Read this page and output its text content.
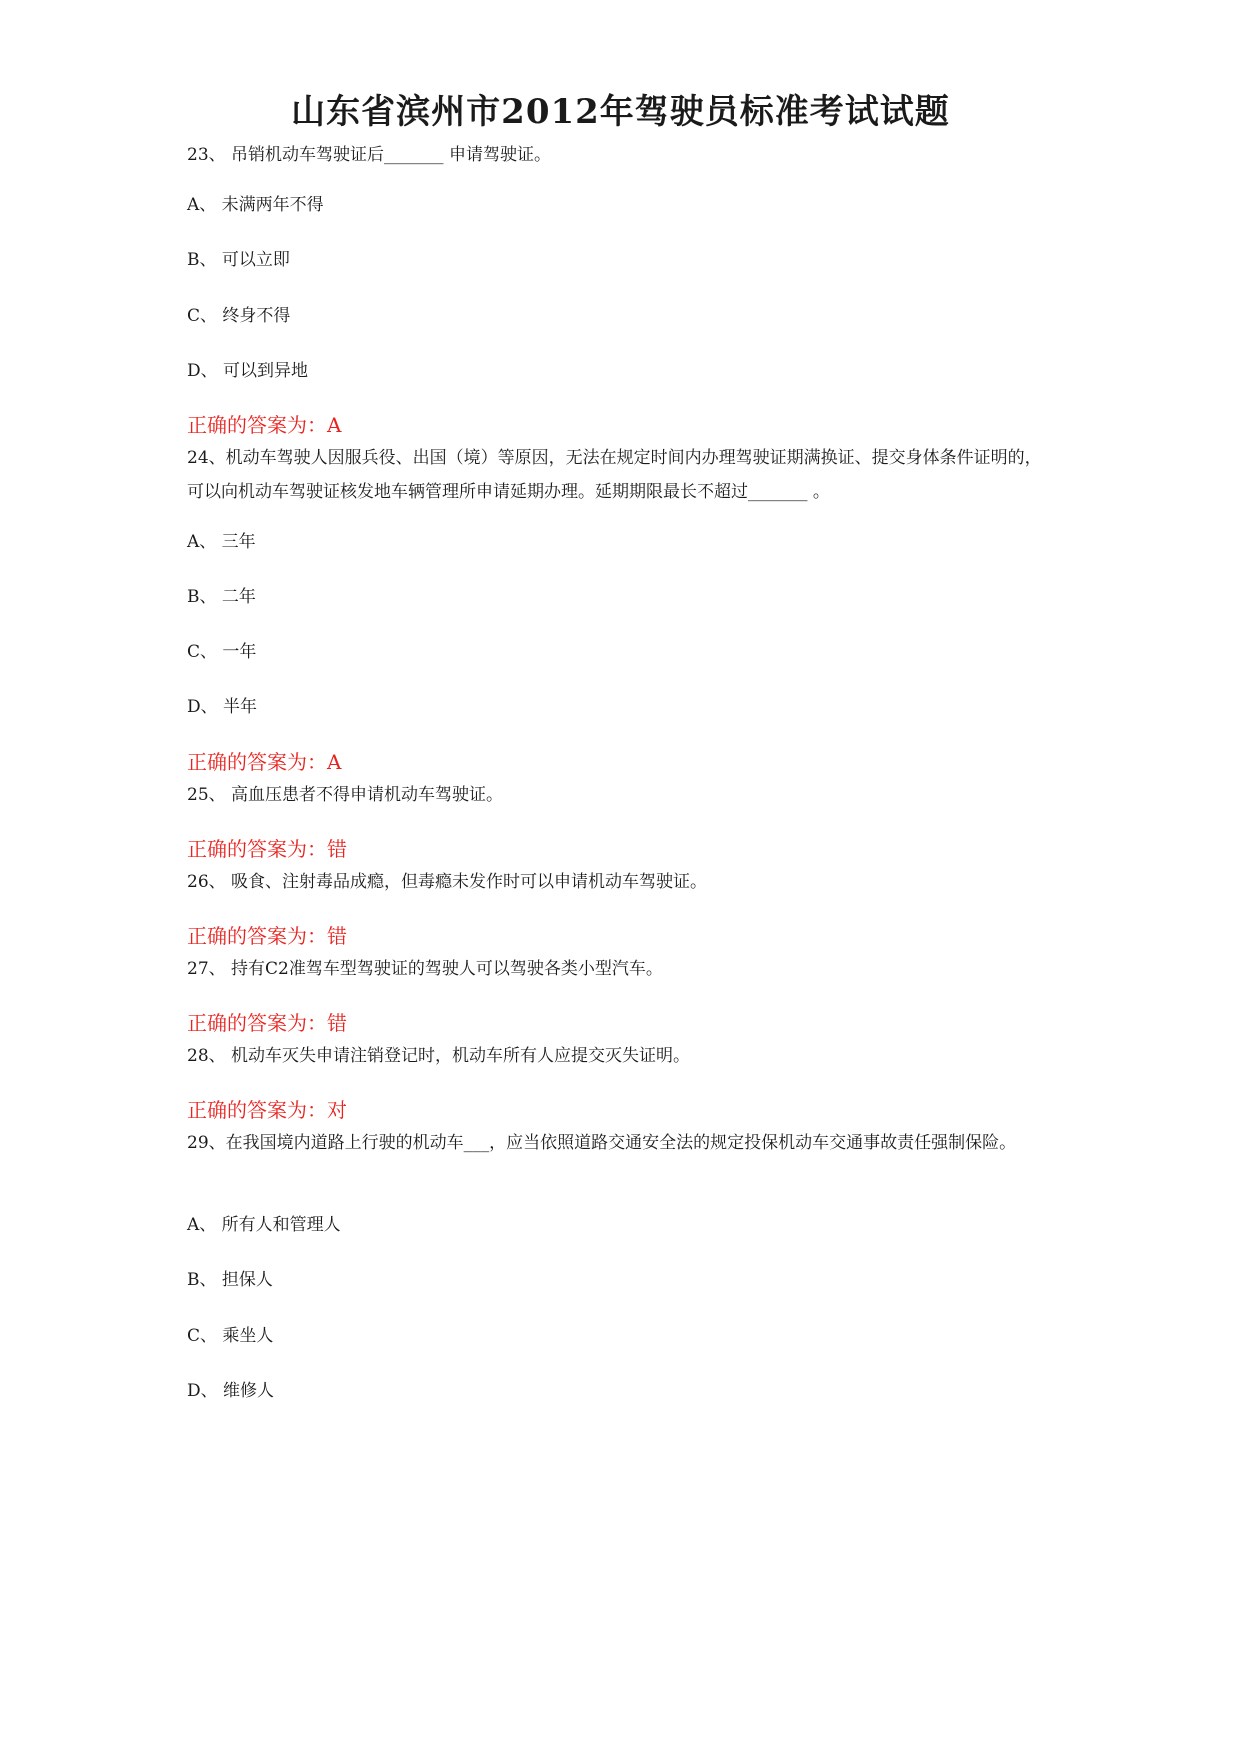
山东省滨州市2012年驾驶员标准考试试题
23、 吊销机动车驾驶证后_______ 申请驾驶证。
A、 未满两年不得
B、 可以立即
C、 终身不得
D、 可以到异地
正确的答案为：A
24、机动车驾驶人因服兵役、出国（境）等原因，无法在规定时间内办理驾驶证期满换证、提交身体条件证明的，可以向机动车驾驶证核发地车辆管理所申请延期办理。延期期限最长不超过_______ 。
A、 三年
B、 二年
C、 一年
D、 半年
正确的答案为：A
25、 高血压患者不得申请机动车驾驶证。
正确的答案为：错
26、 吸食、注射毒品成瘾，但毒瘾未发作时可以申请机动车驾驶证。
正确的答案为：错
27、 持有C2准驾车型驾驶证的驾驶人可以驾驶各类小型汽车。
正确的答案为：错
28、 机动车灭失申请注销登记时，机动车所有人应提交灭失证明。
正确的答案为：对
29、在我国境内道路上行驶的机动车___，应当依照道路交通安全法的规定投保机动车交通事故责任强制保险。
A、 所有人和管理人
B、 担保人
C、 乘坐人
D、 维修人
